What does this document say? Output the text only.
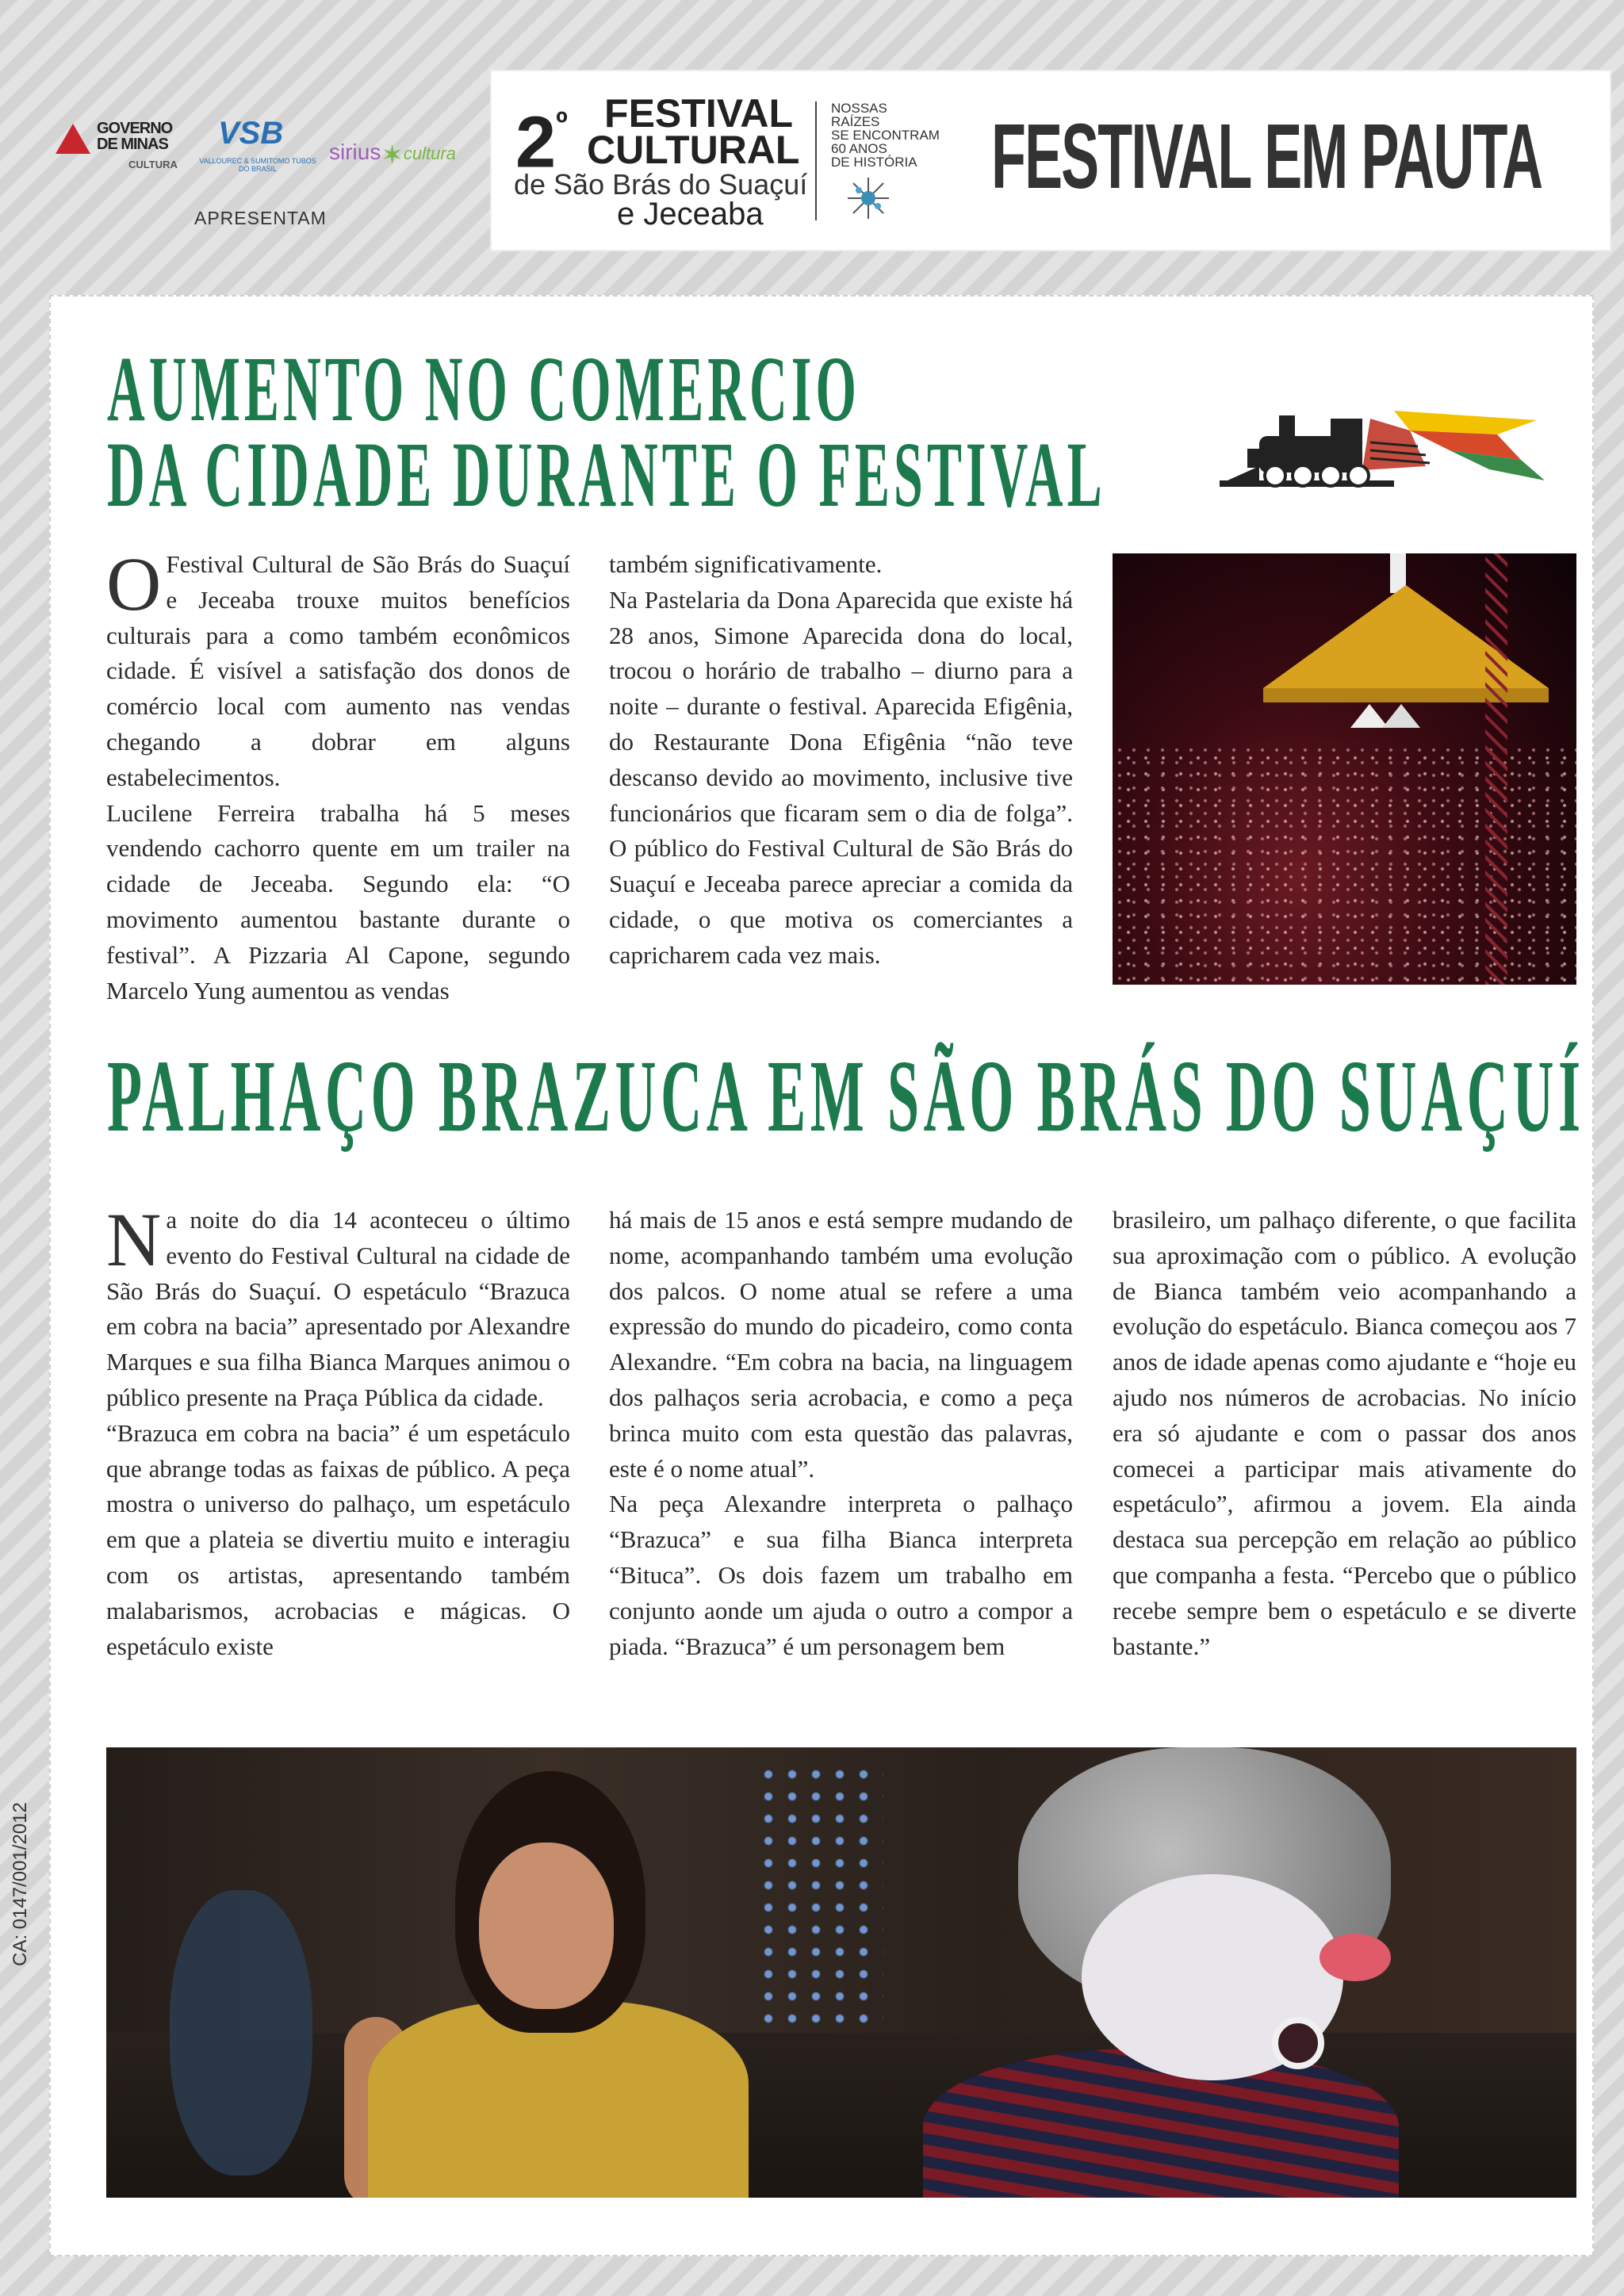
GOVERNO
DE MINAS
CULTURA
VSB
VALLOUREC & SUMITOMO TUBOS DO BRASIL
sirius✶cultura
APRESENTAM
$2^º$ FESTIVAL
CULTURAL
de São Brás do Suaçuí
e Jeceaba
NOSSAS
RAÍZES
SE ENCONTRAM
60 ANOS
DE HISTÓRIA FESTIVAL EM PAUTA
AUMENTO NO COMERCIO
DA CIDADE DURANTE O FESTIVAL

O Festival Cultural de São Brás do Suaçuí e Jeceaba trouxe muitos benefícios culturais para a como também econômicos cidade. É visível a satisfação dos donos de comércio local com aumento nas vendas chegando a dobrar em alguns estabelecimentos.

Lucilene Ferreira trabalha há 5 meses vendendo cachorro quente em um trailer na cidade de Jeceaba. Segundo ela: “O movimento aumentou bastante durante o festival”. A Pizzaria Al Capone, segundo Marcelo Yung aumentou as vendas

também significativamente.

Na Pastelaria da Dona Aparecida que existe há 28 anos, Simone Aparecida dona do local, trocou o horário de trabalho – diurno para a noite – durante o festival. Aparecida Efigênia, do Restaurante Dona Efigênia “não teve descanso devido ao movimento, inclusive tive funcionários que ficaram sem o dia de folga”. O público do Festival Cultural de São Brás do Suaçuí e Jeceaba parece apreciar a comida da cidade, o que motiva os comerciantes a capricharem cada vez mais.

PALHAÇO BRAZUCA EM SÃO BRÁS DO SUAÇUÍ

Na noite do dia 14 aconteceu o último evento do Festival Cultural na cidade de São Brás do Suaçuí. O espetáculo “Brazuca em cobra na bacia” apresentado por Alexandre Marques e sua filha Bianca Marques animou o público presente na Praça Pública da cidade.

“Brazuca em cobra na bacia” é um espetáculo que abrange todas as faixas de público. A peça mostra o universo do palhaço, um espetáculo em que a plateia se divertiu muito e interagiu com os artistas, apresentando também malabarismos, acrobacias e mágicas. O espetáculo existe

há mais de 15 anos e está sempre mudando de nome, acompanhando também uma evolução dos palcos. O nome atual se refere a uma expressão do mundo do picadeiro, como conta Alexandre. “Em cobra na bacia, na linguagem dos palhaços seria acrobacia, e como a peça brinca muito com esta questão das palavras, este é o nome atual”.

Na peça Alexandre interpreta o palhaço “Brazuca” e sua filha Bianca interpreta “Bituca”. Os dois fazem um trabalho em conjunto aonde um ajuda o outro a compor a piada. “Brazuca” é um personagem bem

brasileiro, um palhaço diferente, o que facilita sua aproximação com o público. A evolução de Bianca também veio acompanhando a evolução do espetáculo. Bianca começou aos 7 anos de idade apenas como ajudante e “hoje eu ajudo nos números de acrobacias. No início era só ajudante e com o passar dos anos comecei a participar mais ativamente do espetáculo”, afirmou a jovem. Ela ainda destaca sua percepção em relação ao público que companha a festa. “Percebo que o público recebe sempre bem o espetáculo e se diverte bastante.”

CA: 0147/001/2012
